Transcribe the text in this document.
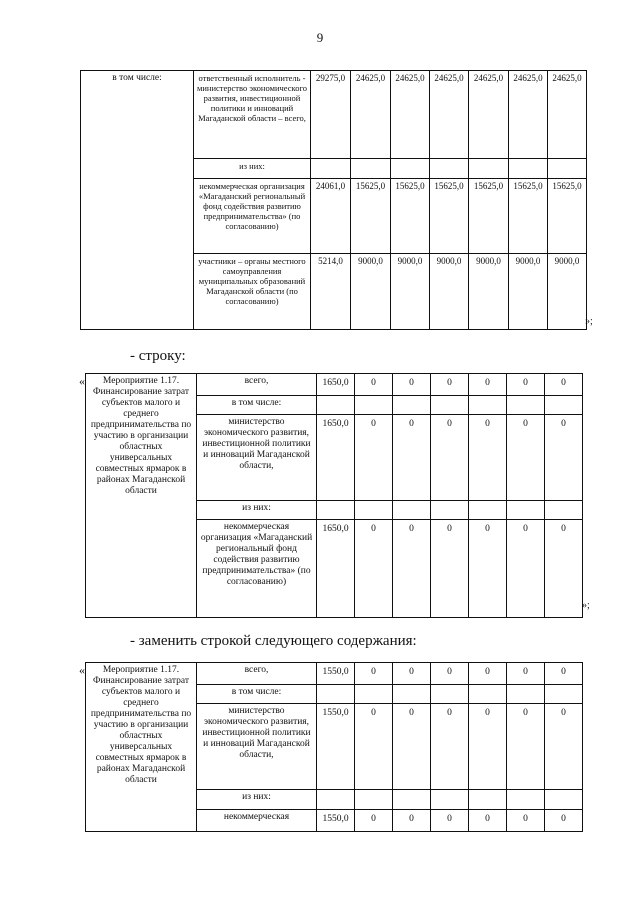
9
в том числе:	ответственный исполнитель - министерство экономического развития, инвестиционной политики и инноваций Магаданской области – всего,	29275,0	24625,0	24625,0	24625,0	24625,0	24625,0	24625,0
	из них:							
	некоммерческая организация «Магаданский региональный фонд содействия развитию предпринимательства» (по согласованию)	24061,0	15625,0	15625,0	15625,0	15625,0	15625,0	15625,0
	участники – органы местного самоуправления муниципальных образований Магаданской области (по согласованию)	5214,0	9000,0	9000,0	9000,0	9000,0	9000,0	9000,0
»;
- строку:
« Мероприятие 1.17. Финансирование затрат субъектов малого и среднего предпринимательства по участию в организации областных универсальных совместных ярмарок в районах Магаданской области	всего,	1650,0	0	0	0	0	0	0
	в том числе:							
	министерство экономического развития, инвестиционной политики и инноваций Магаданской области,	1650,0	0	0	0	0	0	0
	из них:							
	некоммерческая организация «Магаданский региональный фонд содействия развитию предпринимательства» (по согласованию)	1650,0	0	0	0	0	0	0
»;
- заменить строкой следующего содержания:
« Мероприятие 1.17. Финансирование затрат субъектов малого и среднего предпринимательства по участию в организации областных универсальных совместных ярмарок в районах Магаданской области	всего,	1550,0	0	0	0	0	0	0
	в том числе:							
	министерство экономического развития, инвестиционной политики и инноваций Магаданской области,	1550,0	0	0	0	0	0	0
	из них:							
	некоммерческая	1550,0	0	0	0	0	0	0
